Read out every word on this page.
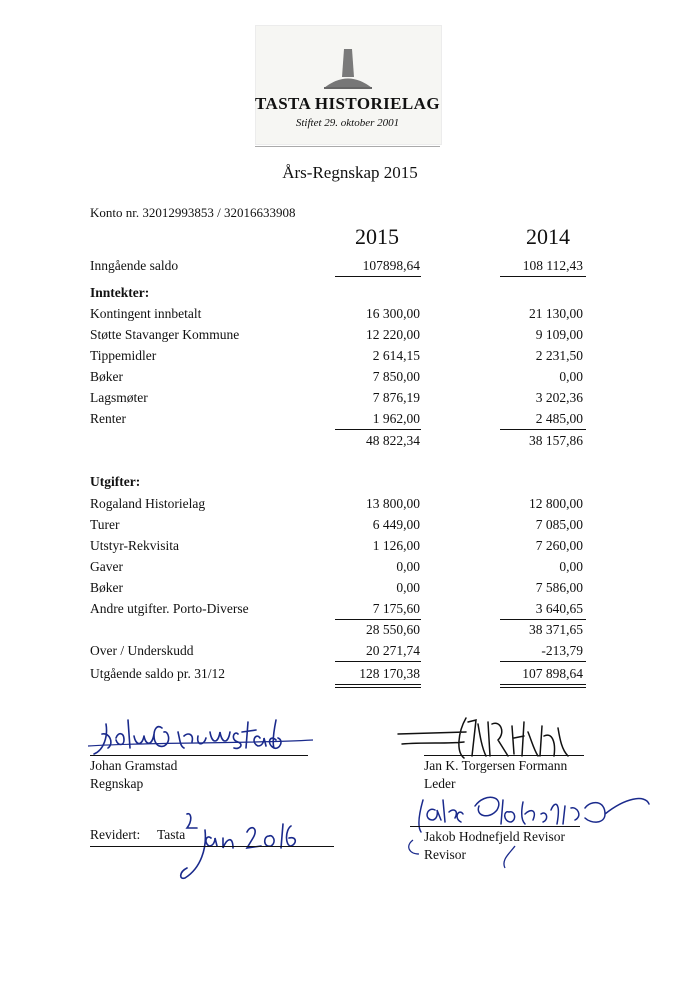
TASTA HISTORIELAG
Stiftet 29. oktober 2001
Års-Regnskap 2015
Konto nr. 32012993853 / 32016633908
2015	2014
Inngående saldo	107898,64	108 112,43
Inntekter:
Kontingent innbetalt	16 300,00	21 130,00
Støtte Stavanger Kommune	12 220,00	9 109,00
Tippemidler	2 614,15	2 231,50
Bøker	7 850,00	0,00
Lagsmøter	7 876,19	3 202,36
Renter	1 962,00	2 485,00
48 822,34	38 157,86
Utgifter:
Rogaland Historielag	13 800,00	12 800,00
Turer	6 449,00	7 085,00
Utstyr-Rekvisita	1 126,00	7 260,00
Gaver	0,00	0,00
Bøker	0,00	7 586,00
Andre utgifter. Porto-Diverse	7 175,60	3 640,65
28 550,60	38 371,65
Over / Underskudd	20 271,74	-213,79
Utgående saldo pr. 31/12	128 170,38	107 898,64
Johan Gramstad
Regnskap
Jan K. Torgersen Formann
Leder
Revidert: Tasta	Jakob Hodnefjeld Revisor
Revisor
